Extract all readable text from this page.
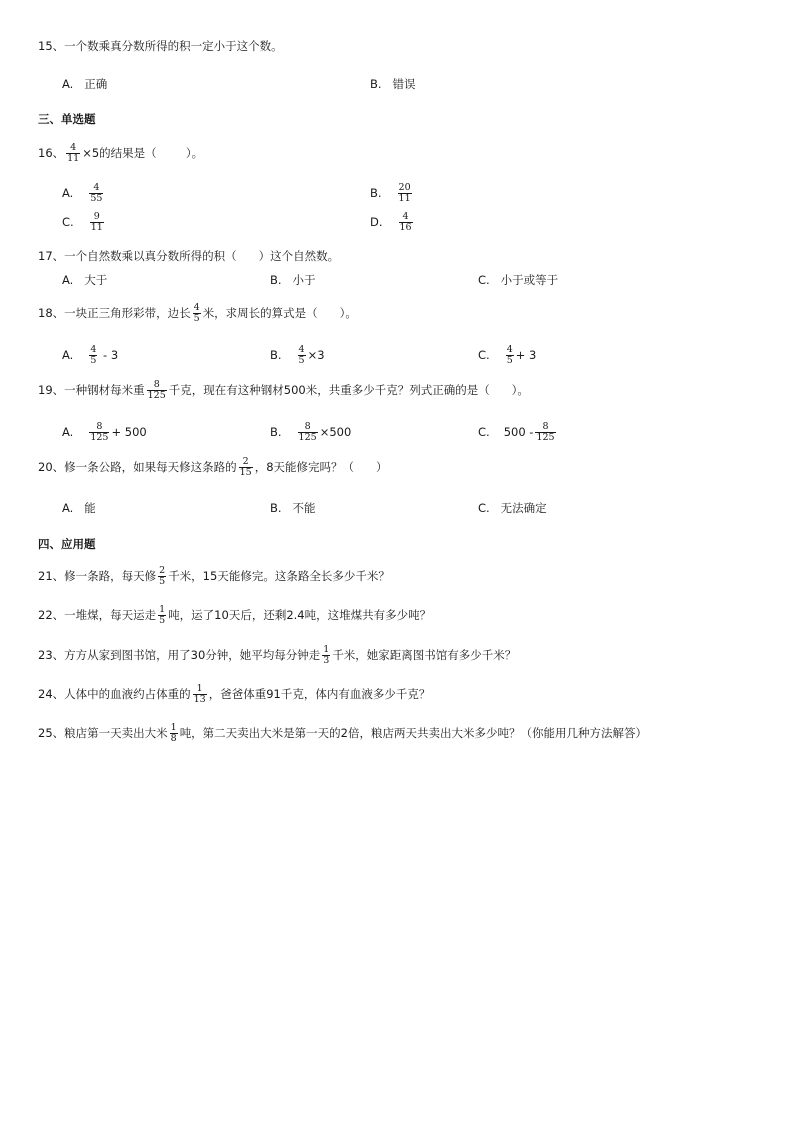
15、一个数乘真分数所得的积一定小于这个数。
A.   正确	B.   错误
三、单选题
16、 $\frac{4}{11} \times 5$的结果是（        ）。
A. $\frac{4}{55}$	B. $\frac{20}{11}$
C. $\frac{9}{11}$	D. $\frac{4}{16}$
17、一个自然数乘以真分数所得的积（      ）这个自然数。
A.   大于	B.   小于	C.   小于或等于
18、一块正三角形彩带，边长 $\frac{4}{5}$ 米，求周长的算式是（      ）。
A. $\frac{4}{5} - 3$	B. $\frac{4}{5} \times 3$	C. $\frac{4}{5} + 3$
19、一种钢材每米重 $\frac{8}{125}$ 千克，现在有这种钢材500米，共重多少千克？列式正确的是（      ）。
A. $\frac{8}{125} + 500$	B. $\frac{8}{125} \times 500$	C. $500 - \frac{8}{125}$
20、修一条公路，如果每天修这条路的 $\frac{2}{15}$ ，8天能修完吗？（      ）
A.   能	B.   不能	C.   无法确定
四、应用题
21、修一条路，每天修 $\frac{2}{5}$ 千米，15天能修完。这条路全长多少千米？
22、一堆煤，每天运走 $\frac{1}{5}$ 吨，运了10天后，还剩2.4吨，这堆煤共有多少吨？
23、方方从家到图书馆，用了30分钟，她平均每分钟走 $\frac{1}{3}$ 千米，她家距离图书馆有多少千米？
24、人体中的血液约占体重的 $\frac{1}{13}$ ，爸爸体重91千克，体内有血液多少千克？
25、粮店第一天卖出大米 $\frac{1}{8}$ 吨，第二天卖出大米是第一天的2倍，粮店两天共卖出大米多少吨？（你能用几种方法解答）
